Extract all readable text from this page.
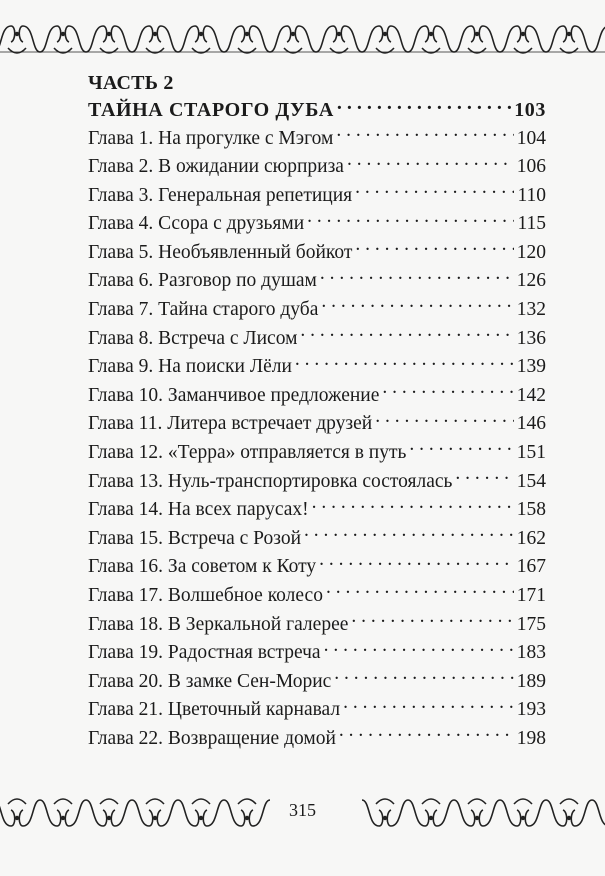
ЧАСТЬ 2
ТАЙНА СТАРОГО ДУБА . . .	103
Глава 1. На прогулке с Мэгом . . .	104
Глава 2. В ожидании сюрприза . . .	106
Глава 3. Генеральная репетиция . . .	110
Глава 4. Ссора с друзьями . . .	115
Глава 5. Необъявленный бойкот . . .	120
Глава 6. Разговор по душам . . .	126
Глава 7. Тайна старого дуба . . .	132
Глава 8. Встреча с Лисом . . .	136
Глава 9. На поиски Лёли . . .	139
Глава 10. Заманчивое предложение . . .	142
Глава 11. Литера встречает друзей . . .	146
Глава 12. «Терра» отправляется в путь . . .	151
Глава 13. Нуль-транспортировка состоялась . . .	154
Глава 14. На всех парусах! . . .	158
Глава 15. Встреча с Розой . . .	162
Глава 16. За советом к Коту . . .	167
Глава 17. Волшебное колесо . . .	171
Глава 18. В Зеркальной галерее . . .	175
Глава 19. Радостная встреча . . .	183
Глава 20. В замке Сен-Морис . . .	189
Глава 21. Цветочный карнавал . . .	193
Глава 22. Возвращение домой . . .	198
315
